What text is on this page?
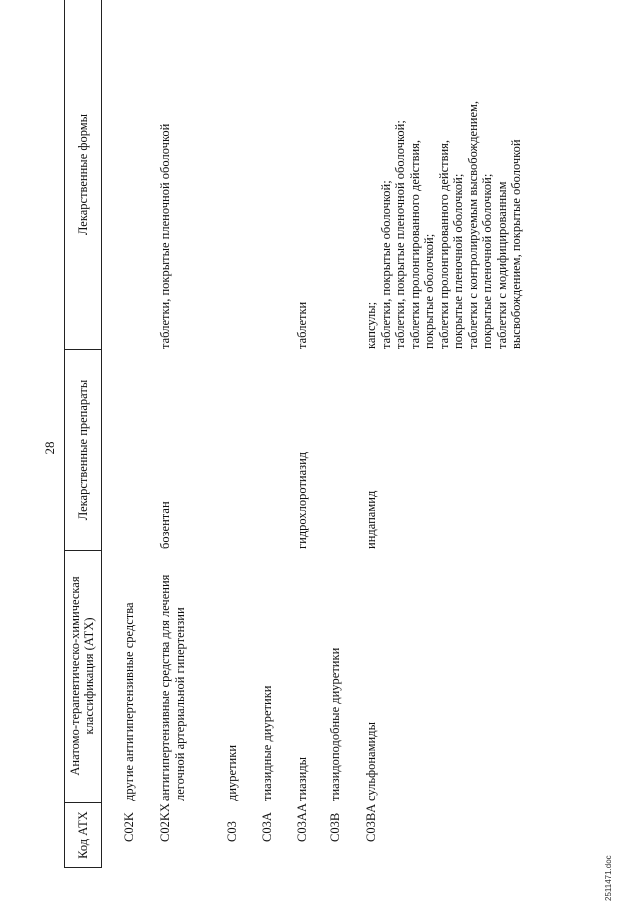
28
Код АТХ
Анатомо-терапевтическо-химическая классификация (АТХ)
Лекарственные препараты
Лекарственные формы
C02K
другие антигипертензивные средства
C02KX
антигипертензивные средства для лечения легочной артериальной гипертензии
бозентан
таблетки, покрытые пленочной оболочкой
C03
диуретики
C03A
тиазидные диуретики
C03AA
тиазиды
гидрохлоротиазид
таблетки
C03B
тиазидоподобные диуретики
C03BA
сульфонамиды
индапамид
капсулы; таблетки, покрытые оболочкой; таблетки, покрытые пленочной оболочкой; таблетки пролонгированного действия, покрытые оболочкой; таблетки пролонгированного действия, покрытые пленочной оболочкой; таблетки с контролируемым высвобождением, покрытые пленочной оболочкой; таблетки с модифицированным высвобождением, покрытые оболочкой
2511471.doc
